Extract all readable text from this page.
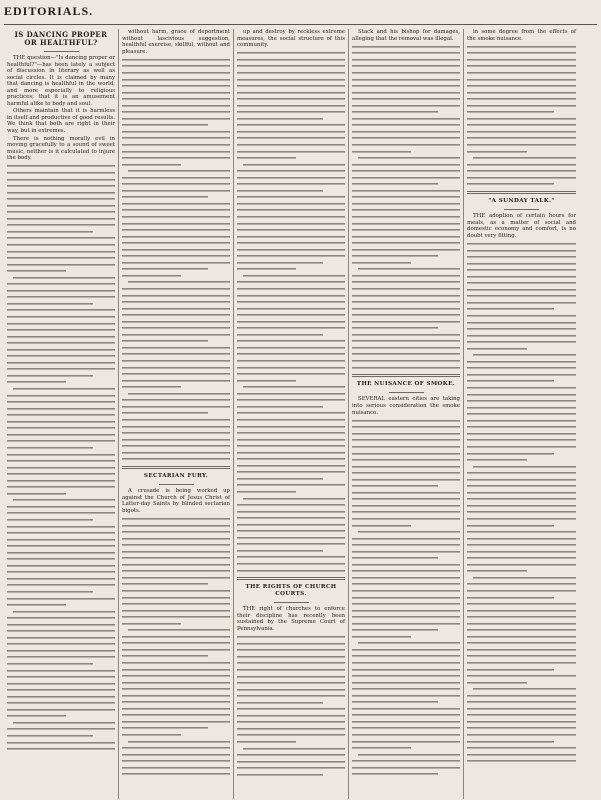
EDITORIALS.
IS DANCING PROPER OR HEALTHFUL?

THE question—"Is dancing proper or healthful?"—has been lately a subject of discussion in literary as well as social circles. It is claimed by many that dancing is healthful in the world, and more especially to religious practices; that it is an amusement harmful alike to body and soul.

Others maintain that it is harmless in itself and productive of good results. We think that both are right in their way, but in extremes.

There is nothing morally evil in moving gracefully to a sound of sweet music, neither is it calculated to injure the body.

without harm, grace of deportment without lascivious suggestion, healthful exercise, skillful, without and pleasure.

SECTARIAN FURY.

A crusade is being worked up against the Church of Jesus Christ of Latter-day Saints by blinded sectarian bigots.

up and destroy by reckless extreme measures, the social structure of this community.

THE RIGHTS OF CHURCH COURTS.

THE right of churches to enforce their discipline has recently been sustained by the Supreme Court of Pennsylvania.

Stack and his bishop for damages, alleging that the removal was illegal.

THE NUISANCE OF SMOKE.

SEVERAL eastern cities are taking into serious consideration the smoke nuisance.

in some degree from the effects of the smoke nuisance.

"A SUNDAY TALK."

THE adoption of certain hours for meals, as a matter of social and domestic economy and comfort, is no doubt very fitting.
